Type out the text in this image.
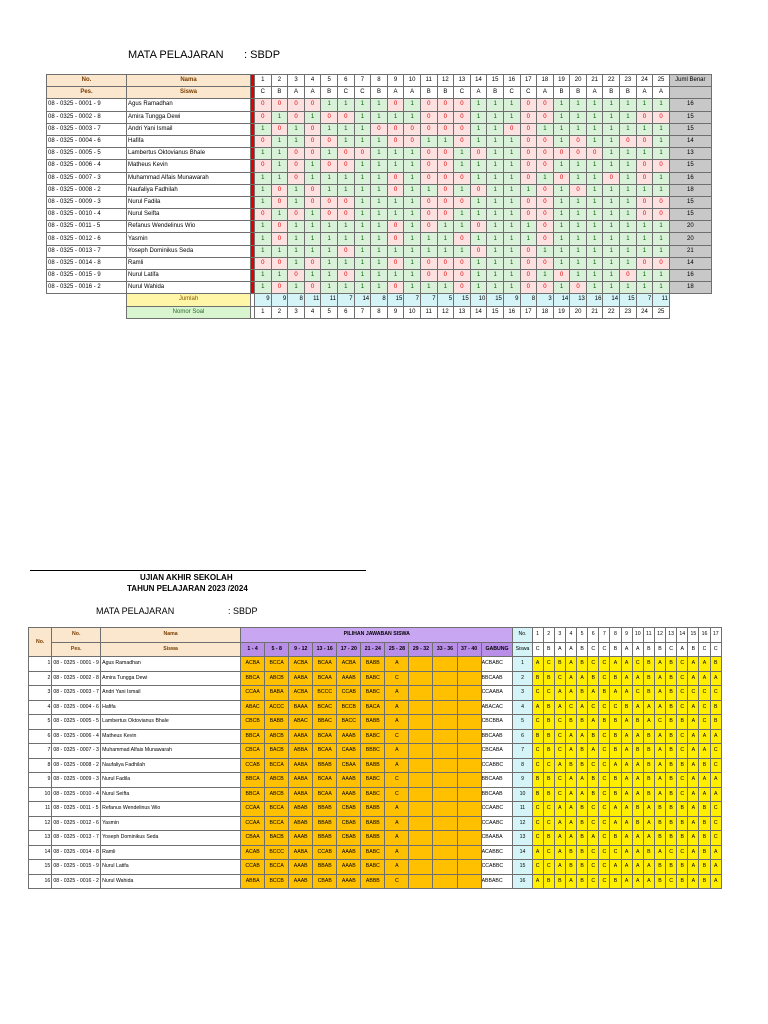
MATA PELAJARAN : SBDP
No.	Nama		1	2	3	4	5	6	7	8	9	10	11	12	13	14	15	16	17	18	19	20	21	22	23	24	25	Juml Benar
Pes.	Siswa		C	B	A	A	B	C	C	B	A	A	B	B	C	A	B	C	C	A	B	B	A	B	B	A	A	
08 - 0325 - 0001 - 9	Agus Ramadhan		0	0	0	0	1	1	1	1	0	1	0	0	0	1	1	1	0	0	1	1	1	1	1	1	1	16
08 - 0325 - 0002 - 8	Amira Tungga Dewi		0	1	0	1	0	0	1	1	1	1	0	0	0	1	1	1	0	0	1	1	1	1	1	0	0	15
08 - 0325 - 0003 - 7	Andri Yani Ismail		1	0	1	0	1	1	1	0	0	0	0	0	0	1	1	0	0	1	1	1	1	1	1	1	1	15
08 - 0325 - 0004 - 6	Hafifa		0	1	1	0	0	1	1	1	0	0	1	1	0	1	1	1	0	0	1	0	1	1	0	0	1	14
08 - 0325 - 0005 - 5	Lambertus Oktovianus Bhale		1	1	0	0	1	0	0	1	1	1	0	0	1	0	1	1	0	0	0	0	0	1	1	1	1	13
08 - 0325 - 0006 - 4	Matheus Kevin		0	1	0	1	0	0	1	1	1	1	0	0	1	1	1	1	0	0	1	1	1	1	1	0	0	15
08 - 0325 - 0007 - 3	Muhammad Alfais Munawarah		1	1	0	1	1	1	1	1	0	1	0	0	0	1	1	1	0	1	0	1	1	0	1	0	1	16
08 - 0325 - 0008 - 2	Naufaliya Fadhilah		1	0	1	0	1	1	1	1	0	1	1	0	1	0	1	1	1	0	1	0	1	1	1	1	1	18
08 - 0325 - 0009 - 3	Nurul Fadila		1	0	1	0	0	0	1	1	1	1	0	0	0	1	1	1	0	0	1	1	1	1	1	0	0	15
08 - 0325 - 0010 - 4	Nurul Seifta		0	1	0	1	0	0	1	1	1	1	0	0	1	1	1	1	0	0	1	1	1	1	1	0	0	15
08 - 0325 - 0011 - 5	Refanus Wendelinus Wio		1	0	1	1	1	1	1	1	0	1	0	1	1	0	1	1	1	0	1	1	1	1	1	1	1	20
08 - 0325 - 0012 - 6	Yasmin		1	0	1	1	1	1	1	1	0	1	1	1	0	1	1	1	1	0	1	1	1	1	1	1	1	20
08 - 0325 - 0013 - 7	Yoseph Dominikus Seda		1	1	1	1	1	0	1	1	1	1	1	1	1	0	1	1	0	1	1	1	1	1	1	1	1	21
08 - 0325 - 0014 - 8	Ramli		0	0	1	0	1	1	1	1	0	1	0	0	0	1	1	1	0	0	1	1	1	1	1	0	0	14
08 - 0325 - 0015 - 9	Nurul Latifa		1	1	0	1	1	0	1	1	1	1	0	0	0	1	1	1	0	1	0	1	1	1	0	1	1	16
08 - 0325 - 0016 - 2	Nurul Wahida		1	0	1	0	1	1	1	1	0	1	1	1	0	1	1	1	0	0	1	0	1	1	1	1	1	18
	Jumlah		9	9	8	11	11	7	14	8	15	7	7	5	15	10	15	9	8	3	14	13	16	14	15	7	11	
	Nomor Soal		1	2	3	4	5	6	7	8	9	10	11	12	13	14	15	16	17	18	19	20	21	22	23	24	25	
UJIAN AKHIR SEKOLAH
TAHUN PELAJARAN 2023 /2024
MATA PELAJARAN	: SBDP
No.	No.	Nama	PILIHAN JAWABAN SISWA											No.	1	2	3	4	5	6	7	8	9	10	11	12	13	14	15	16	17
	Pes.	Siswa	1 - 4	5 - 8	9 - 12	13 - 16	17 - 20	21 - 24	25 - 28	29 - 32	33 - 36	37 - 40	GABUNG	Siswa	C	B	A	A	B	C	C	B	A	A	B	B	C	A	B	C	C
1	08 - 0325 - 0001 - 9	Agus Ramadhan	ACBA	BCCA	ACBA	BCAA	ACBA	BABB	A				ACBABC	1	A	C	B	A	B	C	C	A	A	C	B	A	B	C	A	A	B
2	08 - 0325 - 0002 - 8	Amira Tungga Dewi	BBCA	ABCB	AABA	BCAA	AAAB	BABC	C				BBCAAB	2	B	B	C	A	A	B	C	B	A	A	B	A	B	C	A	A	A
3	08 - 0325 - 0003 - 7	Andri Yani Ismail	CCAA	BABA	ACBA	BCCC	CCAB	BABC	A				CCAABA	3	C	C	A	A	B	A	B	A	A	C	B	A	B	C	C	C	C
4	08 - 0325 - 0004 - 6	Hafifa	ABAC	ACCC	BAAA	BCAC	BCCB	BACA	A				ABACAC	4	A	B	A	C	A	C	C	C	B	A	A	A	B	C	A	C	B
5	08 - 0325 - 0005 - 5	Lambertus Oktovianus Bhale	CBCB	BABB	ABAC	BBAC	BACC	BABB	A				CBCBBA	5	C	B	C	B	B	A	B	B	A	B	A	C	B	B	A	C	B
6	08 - 0325 - 0006 - 4	Matheus Kevin	BBCA	ABCB	AABA	BCAA	AAAB	BABC	C				BBCAAB	6	B	B	C	A	A	B	C	B	A	A	B	A	B	C	A	A	A
7	08 - 0325 - 0007 - 3	Muhammad Alfais Munawarah	CBCA	BACB	ABBA	BCAA	CAAB	BBBC	A				CBCABA	7	C	B	C	A	B	A	C	B	A	B	B	A	B	C	A	A	C
8	08 - 0325 - 0008 - 2	Naufaliya Fadhilah	CCAB	BCCA	AABA	BBAB	CBAA	BABB	A				CCABBC	8	C	C	A	B	B	C	C	A	A	A	B	A	B	B	A	B	C
9	08 - 0325 - 0009 - 3	Nurul Fadila	BBCA	ABCB	AABA	BCAA	AAAB	BABC	C				BBCAAB	9	B	B	C	A	A	B	C	B	A	A	B	A	B	C	A	A	A
10	08 - 0325 - 0010 - 4	Nurul Seifta	BBCA	ABCB	AABA	BCAA	AAAB	BABC	C				BBCAAB	10	B	B	C	A	A	B	C	B	A	A	B	A	B	C	A	A	A
11	08 - 0325 - 0011 - 5	Refanus Wendelinus Wio	CCAA	BCCA	ABAB	BBAB	CBAB	BABB	A				CCAABC	11	C	C	A	A	B	C	C	A	A	B	A	B	B	B	A	B	C
12	08 - 0325 - 0012 - 6	Yasmin	CCAA	BCCA	ABAB	BBAB	CBAB	BABB	A				CCAABC	12	C	C	A	A	B	C	C	A	A	B	A	B	B	B	A	B	C
13	08 - 0325 - 0013 - 7	Yoseph Dominikus Seda	CBAA	BACB	AAAB	BBAB	CBAB	BABB	A				CBAABA	13	C	B	A	A	B	A	C	B	A	A	A	B	B	B	A	B	C
14	08 - 0325 - 0014 - 8	Ramli	ACAB	BCCC	AABA	CCAB	AAAB	BABC	A				ACABBC	14	A	C	A	B	B	C	C	C	A	A	B	A	C	C	A	B	A
15	08 - 0325 - 0015 - 9	Nurul Latifa	CCAB	BCCA	AAAB	BBAB	AAAB	BABC	A				CCABBC	15	C	C	A	B	B	C	C	A	A	A	A	B	B	B	A	B	A
16	08 - 0325 - 0016 - 2	Nurul Wahida	ABBA	BCCB	AAAB	CBAB	AAAB	ABBB	C				ABBABC	16	A	B	B	A	B	C	C	B	A	A	A	B	C	B	A	B	A
